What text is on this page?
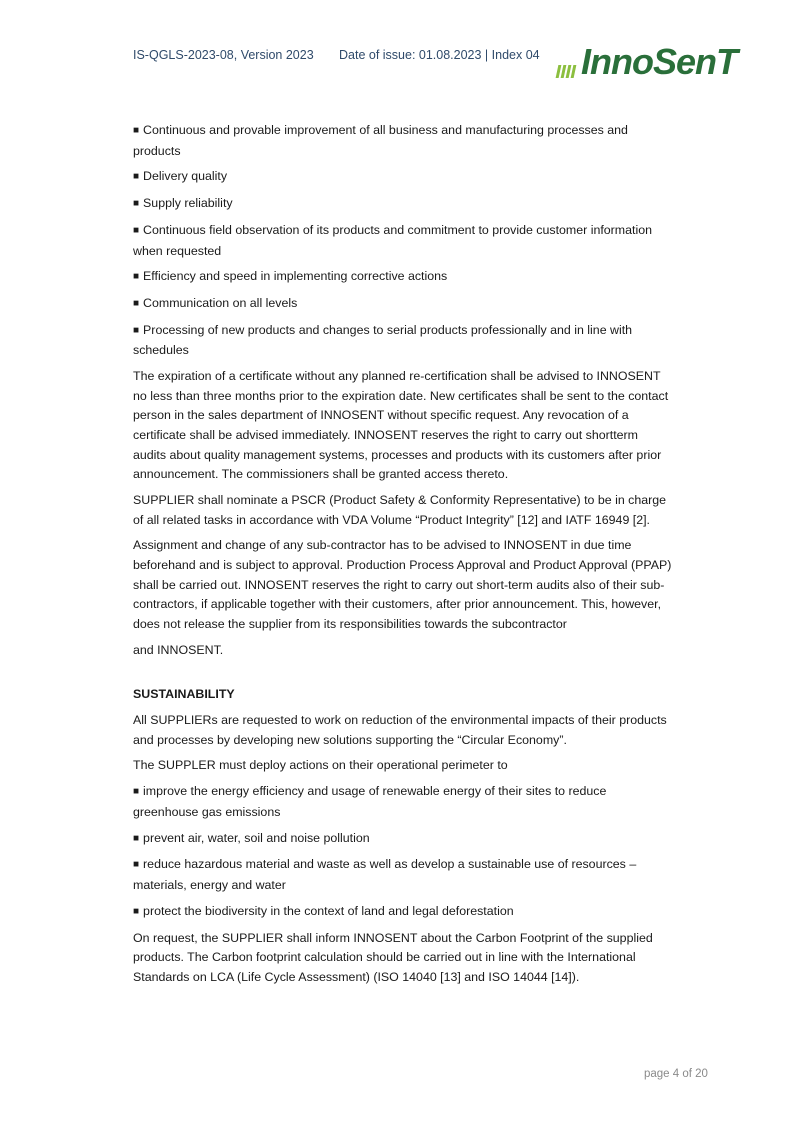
IS-QGLS-2023-08, Version 2023 Date of issue: 01.08.2023 | Index 04 InnoSenT

■ Continuous and provable improvement of all business and manufacturing processes and products

■ Delivery quality

■ Supply reliability

■ Continuous field observation of its products and commitment to provide customer information when requested

■ Efficiency and speed in implementing corrective actions

■ Communication on all levels

■ Processing of new products and changes to serial products professionally and in line with schedules

The expiration of a certificate without any planned re-certification shall be advised to INNOSENT no less than three months prior to the expiration date. New certificates shall be sent to the contact person in the sales department of INNOSENT without specific request. Any revocation of a certificate shall be advised immediately. INNOSENT reserves the right to carry out shortterm audits about quality management systems, processes and products with its customers after prior announcement. The commissioners shall be granted access thereto.

SUPPLIER shall nominate a PSCR (Product Safety & Conformity Representative) to be in charge of all related tasks in accordance with VDA Volume “Product Integrity” [12] and IATF 16949 [2].

Assignment and change of any sub-contractor has to be advised to INNOSENT in due time beforehand and is subject to approval. Production Process Approval and Product Approval (PPAP) shall be carried out. INNOSENT reserves the right to carry out short-term audits also of their sub-contractors, if applicable together with their customers, after prior announcement. This, however, does not release the supplier from its responsibilities towards the subcontractor

and INNOSENT.

SUSTAINABILITY

All SUPPLIERs are requested to work on reduction of the environmental impacts of their products and processes by developing new solutions supporting the “Circular Economy”.

The SUPPLER must deploy actions on their operational perimeter to

■ improve the energy efficiency and usage of renewable energy of their sites to reduce greenhouse gas emissions

■ prevent air, water, soil and noise pollution

■ reduce hazardous material and waste as well as develop a sustainable use of resources – materials, energy and water

■ protect the biodiversity in the context of land and legal deforestation

On request, the SUPPLIER shall inform INNOSENT about the Carbon Footprint of the supplied products. The Carbon footprint calculation should be carried out in line with the International Standards on LCA (Life Cycle Assessment) (ISO 14040 [13] and ISO 14044 [14]).

page 4 of 20
